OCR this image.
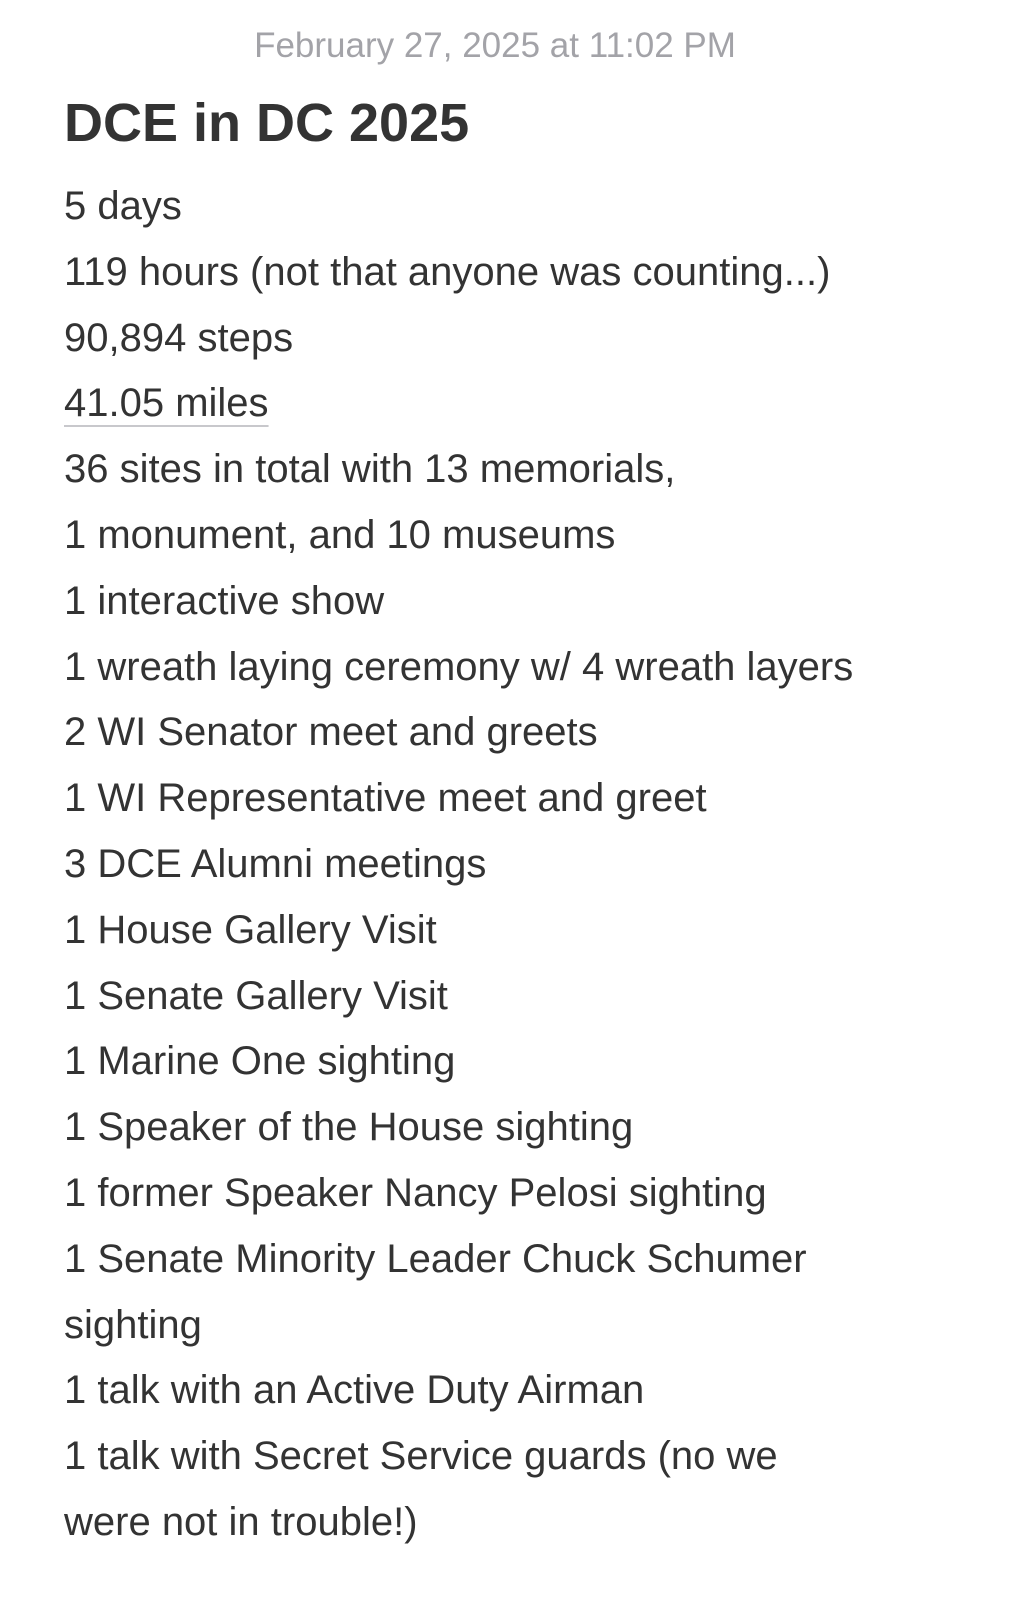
February 27, 2025 at 11:02 PM
DCE in DC 2025
5 days
119 hours (not that anyone was counting...)
90,894 steps
41.05 miles
36 sites in total with 13 memorials,
1 monument, and 10 museums
1 interactive show
1 wreath laying ceremony w/ 4 wreath layers
2 WI Senator meet and greets
1 WI Representative meet and greet
3 DCE Alumni meetings
1 House Gallery Visit
1 Senate Gallery Visit
1 Marine One sighting
1 Speaker of the House sighting
1 former Speaker Nancy Pelosi sighting
1 Senate Minority Leader Chuck Schumer
sighting
1 talk with an Active Duty Airman
1 talk with Secret Service guards (no we
were not in trouble!)
